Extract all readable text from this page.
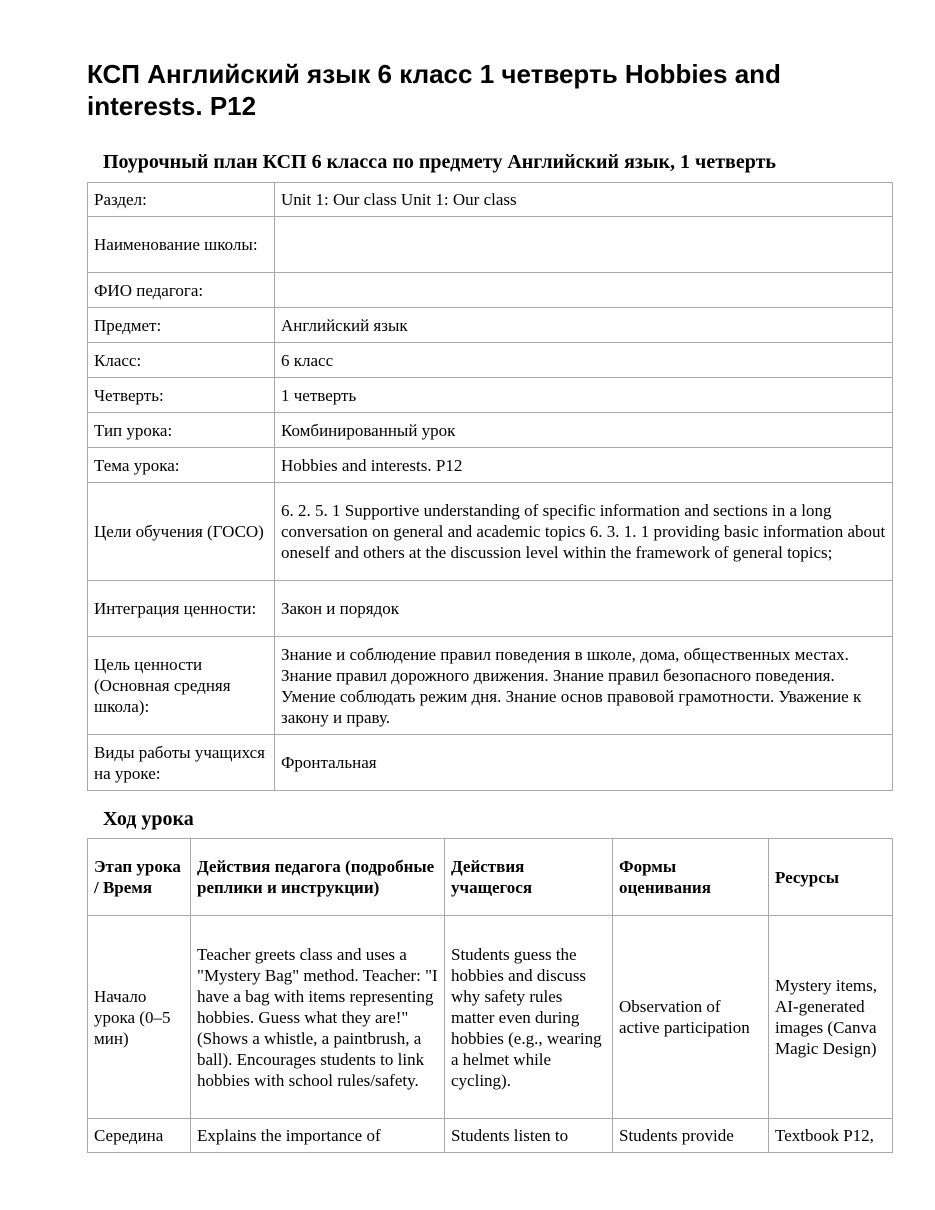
КСП Английский язык 6 класс 1 четверть Hobbies and interests. P12
Поурочный план КСП 6 класса по предмету Английский язык, 1 четверть
Раздел:	Unit 1: Our class Unit 1: Our class
Наименование школы:	
ФИО педагога:	
Предмет:	Английский язык
Класс:	6 класс
Четверть:	1 четверть
Тип урока:	Комбинированный урок
Тема урока:	Hobbies and interests. P12
Цели обучения (ГОСО)	6. 2. 5. 1 Supportive understanding of specific information and sections in a long conversation on general and academic topics 6. 3. 1. 1 providing basic information about oneself and others at the discussion level within the framework of general topics;
Интеграция ценности:	Закон и порядок
Цель ценности (Основная средняя школа):	Знание и соблюдение правил поведения в школе, дома, общественных местах. Знание правил дорожного движения. Знание правил безопасного поведения. Умение соблюдать режим дня. Знание основ правовой грамотности. Уважение к закону и праву.
Виды работы учащихся на уроке:	Фронтальная
Ход урока
Этап урока / Время	Действия педагога (подробные реплики и инструкции)	Действия учащегося	Формы оценивания	Ресурсы
Начало урока (0–5 мин)	Teacher greets class and uses a "Mystery Bag" method. Teacher: "I have a bag with items representing hobbies. Guess what they are!" (Shows a whistle, a paintbrush, a ball). Encourages students to link hobbies with school rules/safety.	Students guess the hobbies and discuss why safety rules matter even during hobbies (e.g., wearing a helmet while cycling).	Observation of active participation	Mystery items, AI-generated images (Canva Magic Design)
Середина	Explains the importance of	Students listen to	Students provide	Textbook P12,
